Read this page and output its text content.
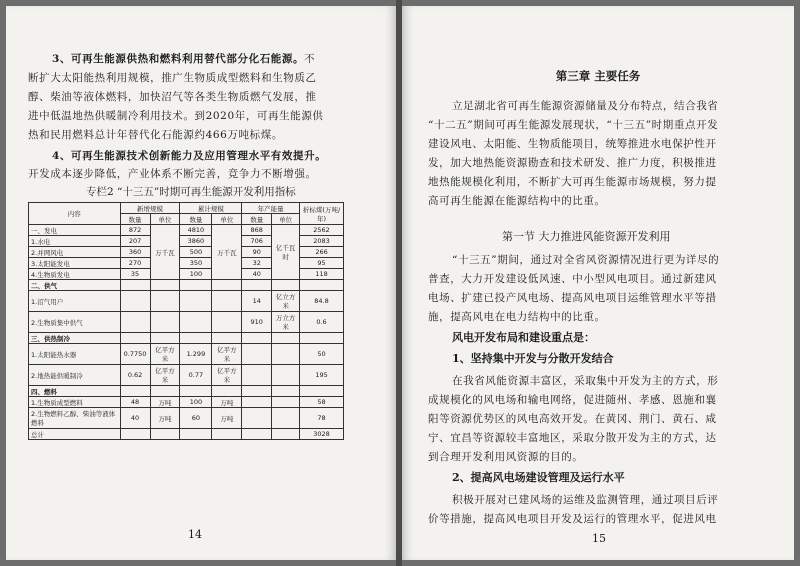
3、可再生能源供热和燃料利用替代部分化石能源。不

断扩大太阳能热利用规模，推广生物质成型燃料和生物质乙

醇、柴油等液体燃料，加快沼气等各类生物质燃气发展，推

进中低温地热供暖制冷利用技术。到2020年，可再生能源供

热和民用燃料总计年替代化石能源约466万吨标煤。

4、可再生能源技术创新能力及应用管理水平有效提升。

开发成本逐步降低，产业体系不断完善，竞争力不断增强。

专栏2 “十三五”时期可再生能源开发利用指标
内容	新增规模		累计规模		年产能量		折标煤(万吨/年)
	数量	单位	数量	单位	数量	单位	
一、发电	872	万千瓦	4810	万千瓦	868	亿千瓦时	2562
1.水电	207		3860		706		2083
2.并网风电	360		500		90		266
3.太阳能发电	270		350		32		95
4.生物质发电	35		100		40		118
二、供气							
1.沼气用户					14	亿立方米	84.8
2.生物质集中供气					910	万立方米	0.6
三、供热制冷							
1.太阳能热水器	0.7750	亿平方米	1.299	亿平方米			50
2.地热能供暖制冷	0.62	亿平方米	0.77	亿平方米			195
四、燃料							
1.生物质成型燃料	48	万吨	100	万吨			58
2.生物燃料乙醇、柴油等液体燃料	40	万吨	60	万吨			78
总计							3028
14
第三章 主要任务

立足湖北省可再生能源资源储量及分布特点，结合我省

“十二五”期间可再生能源发展现状，“十三五”时期重点开发

建设风电、太阳能、生物质能项目，统筹推进水电保护性开

发，加大地热能资源勘查和技术研发、推广力度，积极推进

地热能规模化利用，不断扩大可再生能源市场规模，努力提

高可再生能源在能源结构中的比重。

第一节 大力推进风能资源开发利用

“十三五”期间，通过对全省风资源情况进行更为详尽的

普查，大力开发建设低风速、中小型风电项目。通过新建风

电场、扩建已投产风电场、提高风电项目运维管理水平等措

施，提高风电在电力结构中的比重。

风电开发布局和建设重点是：
1、坚持集中开发与分散开发结合

在我省风能资源丰富区，采取集中开发为主的方式，形

成规模化的风电场和输电网络，促进随州、孝感、恩施和襄

阳等资源优势区的风电高效开发。在黄冈、荆门、黄石、咸

宁、宜昌等资源较丰富地区，采取分散开发为主的方式，达

到合理开发利用风资源的目的。

2、提高风电场建设管理及运行水平

积极开展对已建风场的运维及监测管理，通过项目后评

价等措施，提高风电项目开发及运行的管理水平，促进风电

15
